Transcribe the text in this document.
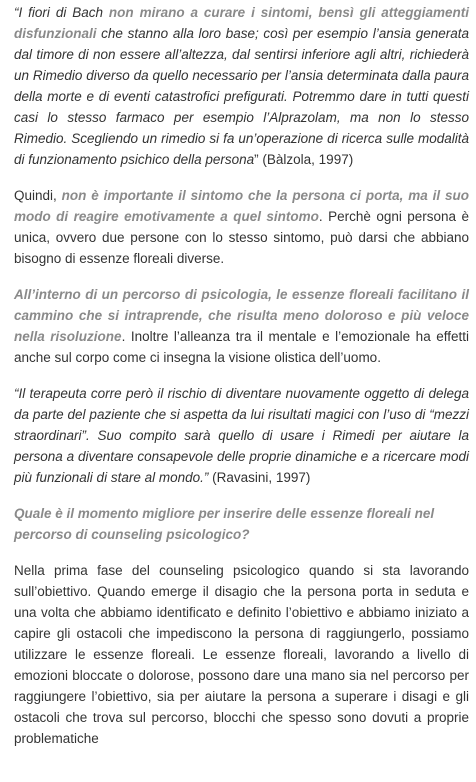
“I fiori di Bach non mirano a curare i sintomi, bensì gli atteggiamenti disfunzionali che stanno alla loro base; così per esempio l’ansia generata dal timore di non essere all’altezza, dal sentirsi inferiore agli altri, richiederà un Rimedio diverso da quello necessario per l’ansia determinata dalla paura della morte e di eventi catastrofici prefigurati. Potremmo dare in tutti questi casi lo stesso farmaco per esempio l’Alprazolam, ma non lo stesso Rimedio. Scegliendo un rimedio si fa un’operazione di ricerca sulle modalità di funzionamento psichico della persona” (Bàlzola, 1997)

Quindi, non è importante il sintomo che la persona ci porta, ma il suo modo di reagire emotivamente a quel sintomo. Perchè ogni persona è unica, ovvero due persone con lo stesso sintomo, può darsi che abbiano bisogno di essenze floreali diverse.

All’interno di un percorso di psicologia, le essenze floreali facilitano il cammino che si intraprende, che risulta meno doloroso e più veloce nella risoluzione. Inoltre l’alleanza tra il mentale e l’emozionale ha effetti anche sul corpo come ci insegna la visione olistica dell’uomo.

“Il terapeuta corre però il rischio di diventare nuovamente oggetto di delega da parte del paziente che si aspetta da lui risultati magici con l’uso di “mezzi straordinari”. Suo compito sarà quello di usare i Rimedi per aiutare la persona a diventare consapevole delle proprie dinamiche e a ricercare modi più funzionali di stare al mondo.” (Ravasini, 1997)

Quale è il momento migliore per inserire delle essenze floreali nel percorso di counseling psicologico?

Nella prima fase del counseling psicologico quando si sta lavorando sull’obiettivo. Quando emerge il disagio che la persona porta in seduta e una volta che abbiamo identificato e definito l’obiettivo e abbiamo iniziato a capire gli ostacoli che impediscono la persona di raggiungerlo, possiamo utilizzare le essenze floreali. Le essenze floreali, lavorando a livello di emozioni bloccate o dolorose, possono dare una mano sia nel percorso per raggiungere l’obiettivo, sia per aiutare la persona a superare i disagi e gli ostacoli che trova sul percorso, blocchi che spesso sono dovuti a proprie problematiche
